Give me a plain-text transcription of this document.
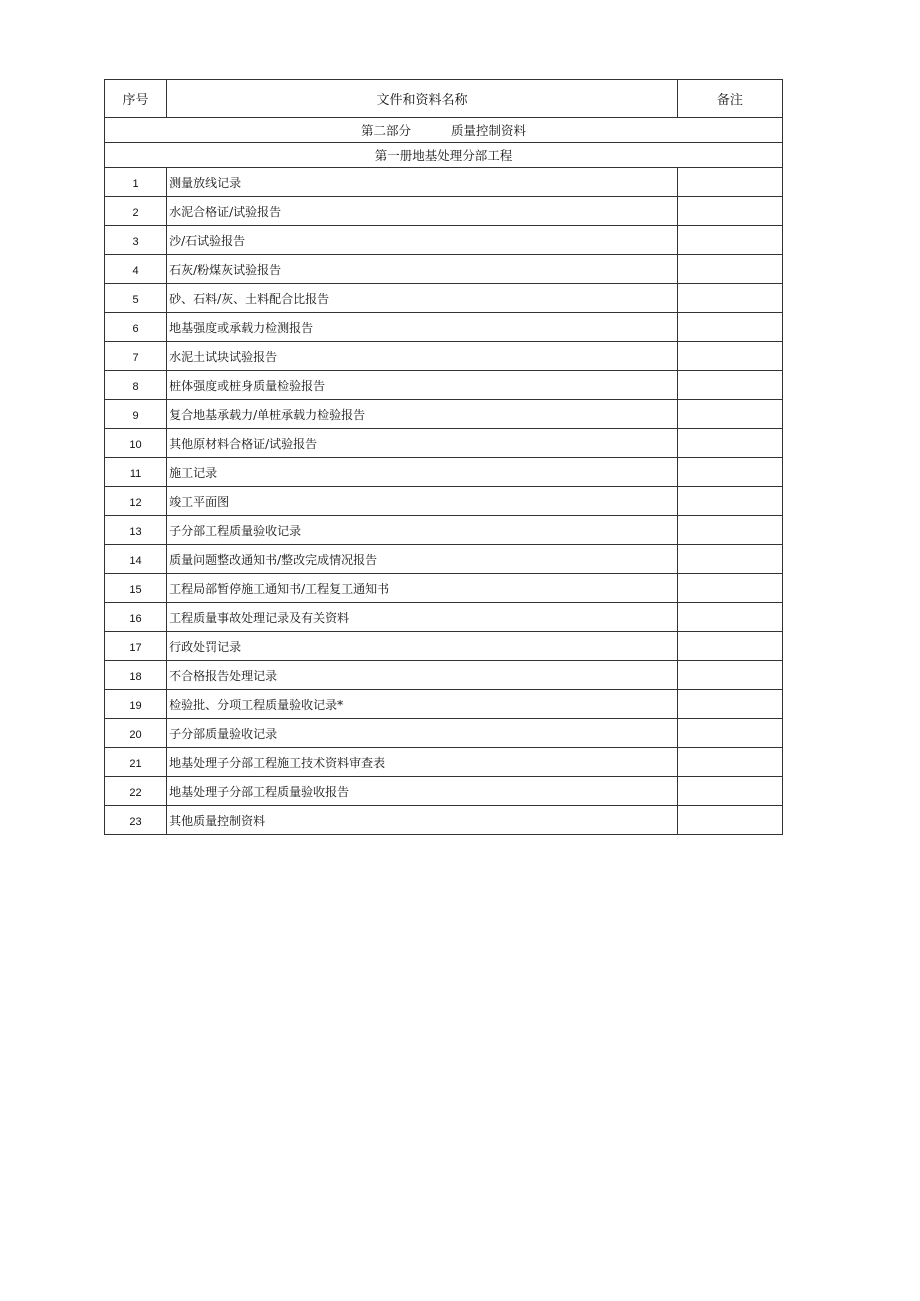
序号	文件和资料名称	备注
第二部分 质量控制资料		
第一册地基处理分部工程		
1	测量放线记录	
2	水泥合格证/试验报告	
3	沙/石试验报告	
4	石灰/粉煤灰试验报告	
5	砂、石料/灰、土料配合比报告	
6	地基强度或承载力检测报告	
7	水泥土试块试验报告	
8	桩体强度或桩身质量检验报告	
9	复合地基承载力/单桩承载力检验报告	
10	其他原材料合格证/试验报告	
11	施工记录	
12	竣工平面图	
13	子分部工程质量验收记录	
14	质量问题整改通知书/整改完成情况报告	
15	工程局部暂停施工通知书/工程复工通知书	
16	工程质量事故处理记录及有关资料	
17	行政处罚记录	
18	不合格报告处理记录	
19	检验批、分项工程质量验收记录*	
20	子分部质量验收记录	
21	地基处理子分部工程施工技术资料审查表	
22	地基处理子分部工程质量验收报告	
23	其他质量控制资料	
